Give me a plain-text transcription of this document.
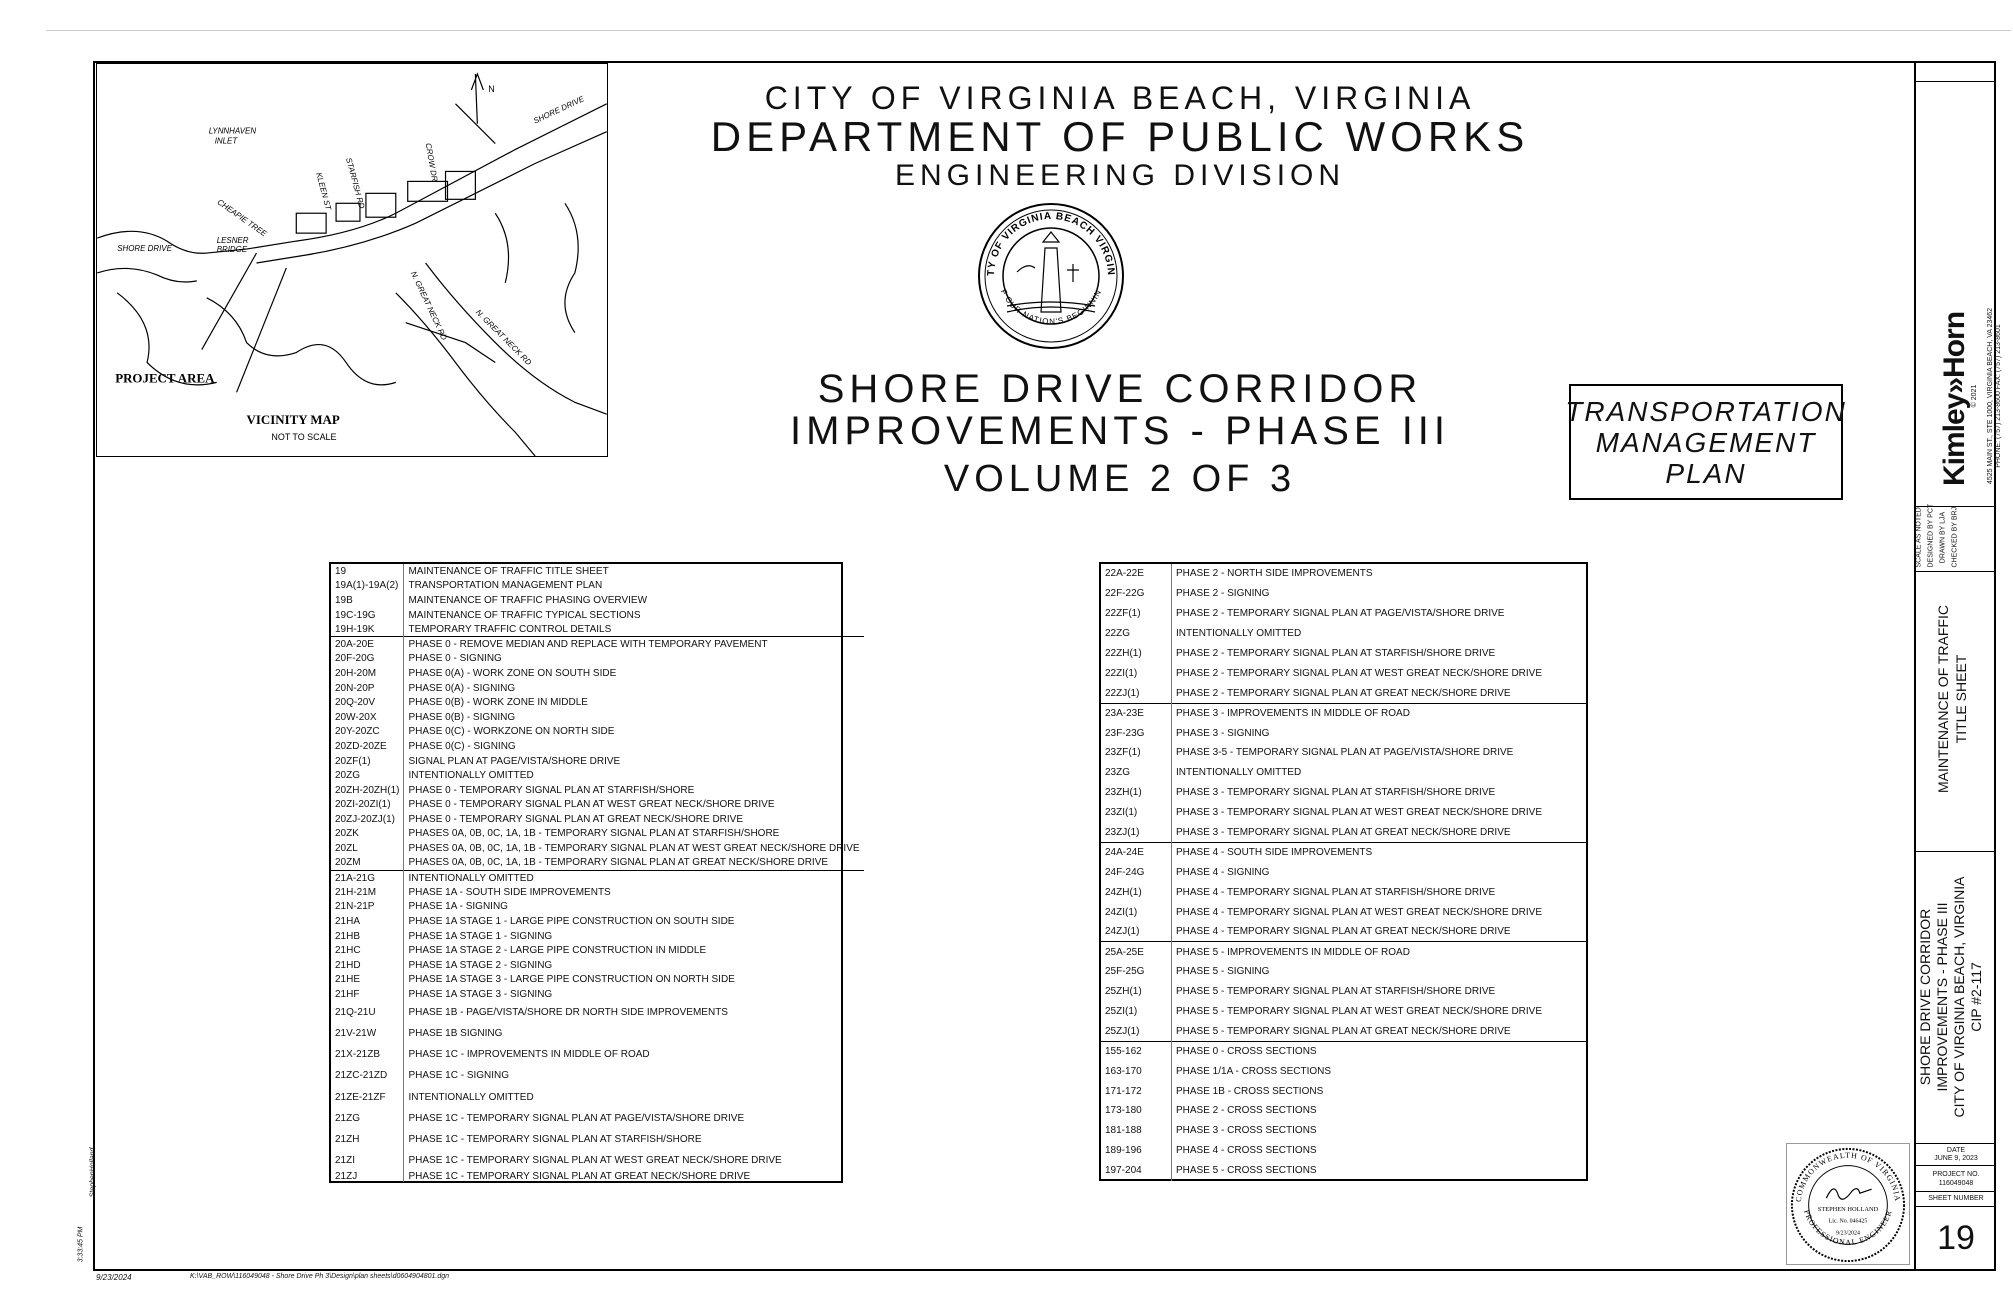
LYNNHAVEN
INLET
SHORE DRIVE
LESNER
BRIDGE
CHEAPIE TREE
KLEEN ST STARFISH RD	CROW DR
SHORE DRIVE
N. GREAT NECK RD	N. GREAT NECK RD
N
PROJECT AREA
VICINITY MAP
NOT TO SCALE
CITY OF VIRGINIA BEACH, VIRGINIA
DEPARTMENT OF PUBLIC WORKS
ENGINEERING DIVISION
TY OF VIRGINIA BEACH VIRGIN
F OUR NATION'S BEGINNIN
SHORE DRIVE CORRIDOR
IMPROVEMENTS - PHASE III
VOLUME 2 OF 3
TRANSPORTATION
MANAGEMENT
PLAN
19	MAINTENANCE OF TRAFFIC TITLE SHEET
19A(1)-19A(2)	TRANSPORTATION MANAGEMENT PLAN
19B	MAINTENANCE OF TRAFFIC PHASING OVERVIEW
19C-19G	MAINTENANCE OF TRAFFIC TYPICAL SECTIONS
19H-19K	TEMPORARY TRAFFIC CONTROL DETAILS
20A-20E	PHASE 0 - REMOVE MEDIAN AND REPLACE WITH TEMPORARY PAVEMENT
20F-20G	PHASE 0 - SIGNING
20H-20M	PHASE 0(A) - WORK ZONE ON SOUTH SIDE
20N-20P	PHASE 0(A) - SIGNING
20Q-20V	PHASE 0(B) - WORK ZONE IN MIDDLE
20W-20X	PHASE 0(B) - SIGNING
20Y-20ZC	PHASE 0(C) - WORKZONE ON NORTH SIDE
20ZD-20ZE	PHASE 0(C) - SIGNING
20ZF(1)	SIGNAL PLAN AT PAGE/VISTA/SHORE DRIVE
20ZG	INTENTIONALLY OMITTED
20ZH-20ZH(1)	PHASE 0 - TEMPORARY SIGNAL PLAN AT STARFISH/SHORE
20ZI-20ZI(1)	PHASE 0 - TEMPORARY SIGNAL PLAN AT WEST GREAT NECK/SHORE DRIVE
20ZJ-20ZJ(1)	PHASE 0 - TEMPORARY SIGNAL PLAN AT GREAT NECK/SHORE DRIVE
20ZK	PHASES 0A, 0B, 0C, 1A, 1B - TEMPORARY SIGNAL PLAN AT STARFISH/SHORE
20ZL	PHASES 0A, 0B, 0C, 1A, 1B - TEMPORARY SIGNAL PLAN AT WEST GREAT NECK/SHORE DRIVE
20ZM	PHASES 0A, 0B, 0C, 1A, 1B - TEMPORARY SIGNAL PLAN AT GREAT NECK/SHORE DRIVE
21A-21G	INTENTIONALLY OMITTED
21H-21M	PHASE 1A - SOUTH SIDE IMPROVEMENTS
21N-21P	PHASE 1A - SIGNING
21HA	PHASE 1A STAGE 1 - LARGE PIPE CONSTRUCTION ON SOUTH SIDE
21HB	PHASE 1A STAGE 1 - SIGNING
21HC	PHASE 1A STAGE 2 - LARGE PIPE CONSTRUCTION IN MIDDLE
21HD	PHASE 1A STAGE 2 - SIGNING
21HE	PHASE 1A STAGE 3 - LARGE PIPE CONSTRUCTION ON NORTH SIDE
21HF	PHASE 1A STAGE 3 - SIGNING
21Q-21U	PHASE 1B - PAGE/VISTA/SHORE DR NORTH SIDE IMPROVEMENTS
21V-21W	PHASE 1B SIGNING
21X-21ZB	PHASE 1C - IMPROVEMENTS IN MIDDLE OF ROAD
21ZC-21ZD	PHASE 1C - SIGNING
21ZE-21ZF	INTENTIONALLY OMITTED
21ZG	PHASE 1C - TEMPORARY SIGNAL PLAN AT PAGE/VISTA/SHORE DRIVE
21ZH	PHASE 1C - TEMPORARY SIGNAL PLAN AT STARFISH/SHORE
21ZI	PHASE 1C - TEMPORARY SIGNAL PLAN AT WEST GREAT NECK/SHORE DRIVE
21ZJ	PHASE 1C - TEMPORARY SIGNAL PLAN AT GREAT NECK/SHORE DRIVE
22A-22E	PHASE 2 - NORTH SIDE IMPROVEMENTS
22F-22G	PHASE 2 - SIGNING
22ZF(1)	PHASE 2 - TEMPORARY SIGNAL PLAN AT PAGE/VISTA/SHORE DRIVE
22ZG	INTENTIONALLY OMITTED
22ZH(1)	PHASE 2 - TEMPORARY SIGNAL PLAN AT STARFISH/SHORE DRIVE
22ZI(1)	PHASE 2 - TEMPORARY SIGNAL PLAN AT WEST GREAT NECK/SHORE DRIVE
22ZJ(1)	PHASE 2 - TEMPORARY SIGNAL PLAN AT GREAT NECK/SHORE DRIVE
23A-23E	PHASE 3 - IMPROVEMENTS IN MIDDLE OF ROAD
23F-23G	PHASE 3 - SIGNING
23ZF(1)	PHASE 3-5 - TEMPORARY SIGNAL PLAN AT PAGE/VISTA/SHORE DRIVE
23ZG	INTENTIONALLY OMITTED
23ZH(1)	PHASE 3 - TEMPORARY SIGNAL PLAN AT STARFISH/SHORE DRIVE
23ZI(1)	PHASE 3 - TEMPORARY SIGNAL PLAN AT WEST GREAT NECK/SHORE DRIVE
23ZJ(1)	PHASE 3 - TEMPORARY SIGNAL PLAN AT GREAT NECK/SHORE DRIVE
24A-24E	PHASE 4 - SOUTH SIDE IMPROVEMENTS
24F-24G	PHASE 4 - SIGNING
24ZH(1)	PHASE 4 - TEMPORARY SIGNAL PLAN AT STARFISH/SHORE DRIVE
24ZI(1)	PHASE 4 - TEMPORARY SIGNAL PLAN AT WEST GREAT NECK/SHORE DRIVE
24ZJ(1)	PHASE 4 - TEMPORARY SIGNAL PLAN AT GREAT NECK/SHORE DRIVE
25A-25E	PHASE 5 - IMPROVEMENTS IN MIDDLE OF ROAD
25F-25G	PHASE 5 - SIGNING
25ZH(1)	PHASE 5 - TEMPORARY SIGNAL PLAN AT STARFISH/SHORE DRIVE
25ZI(1)	PHASE 5 - TEMPORARY SIGNAL PLAN AT WEST GREAT NECK/SHORE DRIVE
25ZJ(1)	PHASE 5 - TEMPORARY SIGNAL PLAN AT GREAT NECK/SHORE DRIVE
155-162	PHASE 0 - CROSS SECTIONS
163-170	PHASE 1/1A - CROSS SECTIONS
171-172	PHASE 1B - CROSS SECTIONS
173-180	PHASE 2 - CROSS SECTIONS
181-188	PHASE 3 - CROSS SECTIONS
189-196	PHASE 4 - CROSS SECTIONS
197-204	PHASE 5 - CROSS SECTIONS
Kimley»Horn © 2021	4525 MAIN ST., STE 1000, VIRGINIA BEACH, VA 23462 PHONE: (757) 213-8600 FAX: (757) 213-8601
SCALE AS NOTED DESIGNED BY PCT
DRAWN BY LJA
CHECKED BY BRJ
MAINTENANCE OF TRAFFIC TITLE SHEET
SHORE DRIVE CORRIDOR IMPROVEMENTS - PHASE III CITY OF VIRGINIA BEACH, VIRGINIA CIP #2-117
DATE
JUNE 9, 2023
PROJECT NO.
116049048
SHEET NUMBER
19
COMMONWEALTH OF VIRGINIA
PROFESSIONAL ENGINEER
STEPHEN HOLLAND
Lic. No. 046425
9/23/2024
9/23/2024	K:\VAB_ROW\116049048 - Shore Drive Ph 3\Design\plan sheets\d0604904801.dgn
3:33:45 PM
StephenHolland
